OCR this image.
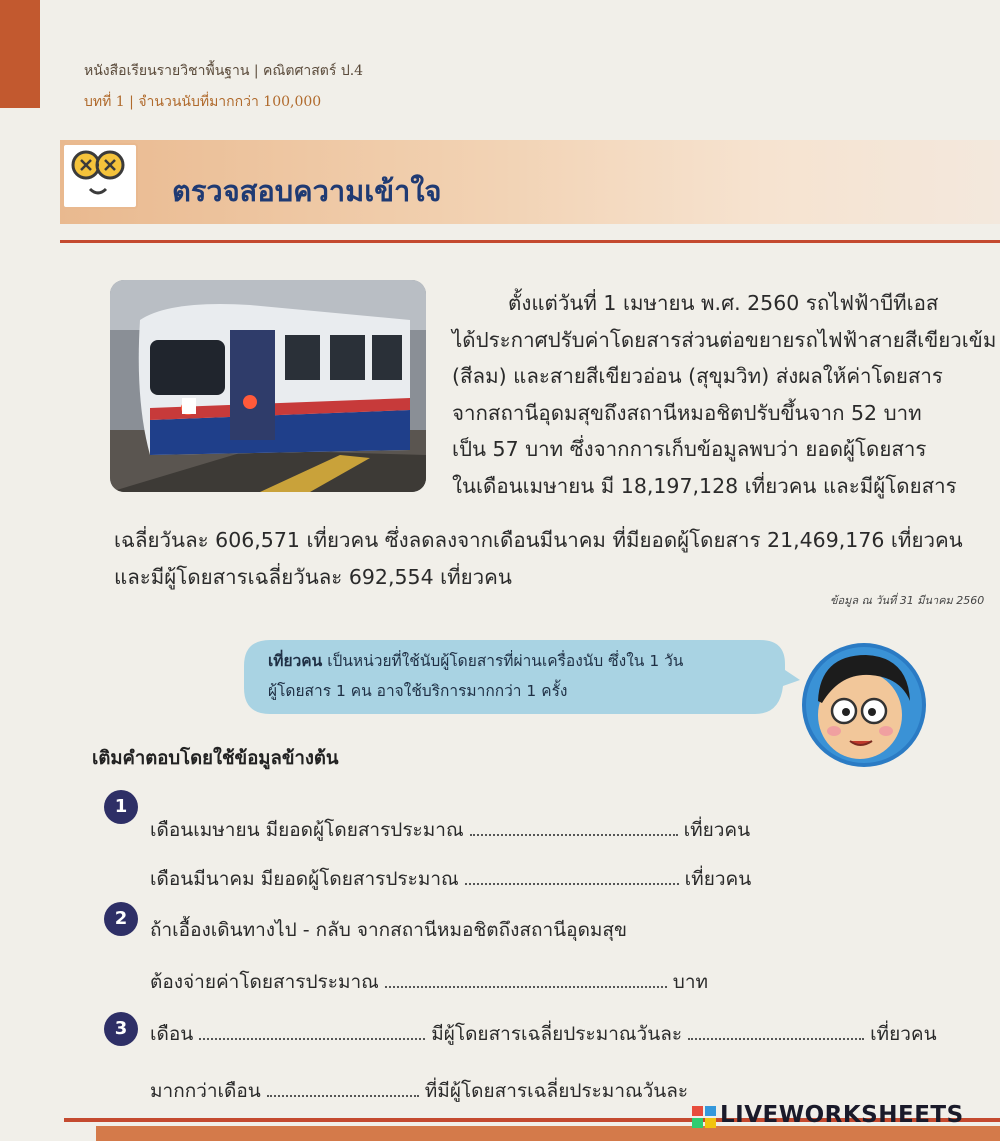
หนังสือเรียนรายวิชาพื้นฐาน | คณิตศาสตร์ ป.4
บทที่ 1 | จำนวนนับที่มากกว่า 100,000
ตรวจสอบความเข้าใจ
ตั้งแต่วันที่ 1 เมษายน พ.ศ. 2560 รถไฟฟ้าบีทีเอส
ได้ประกาศปรับค่าโดยสารส่วนต่อขยายรถไฟฟ้าสายสีเขียวเข้ม
(สีลม) และสายสีเขียวอ่อน (สุขุมวิท) ส่งผลให้ค่าโดยสาร
จากสถานีอุดมสุขถึงสถานีหมอชิตปรับขึ้นจาก 52 บาท
เป็น 57 บาท ซึ่งจากการเก็บข้อมูลพบว่า ยอดผู้โดยสาร
ในเดือนเมษายน มี 18,197,128 เที่ยวคน และมีผู้โดยสาร
เฉลี่ยวันละ 606,571 เที่ยวคน ซึ่งลดลงจากเดือนมีนาคม ที่มียอดผู้โดยสาร 21,469,176 เที่ยวคน
และมีผู้โดยสารเฉลี่ยวันละ 692,554 เที่ยวคน
ข้อมูล ณ วันที่ 31 มีนาคม 2560
เที่ยวคน เป็นหน่วยที่ใช้นับผู้โดยสารที่ผ่านเครื่องนับ ซึ่งใน 1 วัน
ผู้โดยสาร 1 คน อาจใช้บริการมากกว่า 1 ครั้ง
เติมคำตอบโดยใช้ข้อมูลข้างต้น
1
เดือนเมษายน มียอดผู้โดยสารประมาณ	เที่ยวคน
เดือนมีนาคม มียอดผู้โดยสารประมาณ	เที่ยวคน
2
ถ้าเอื้องเดินทางไป - กลับ จากสถานีหมอชิตถึงสถานีอุดมสุข
ต้องจ่ายค่าโดยสารประมาณ	บาท
3	เดือน	มีผู้โดยสารเฉลี่ยประมาณวันละ	เที่ยวคน
มากกว่าเดือน	ที่มีผู้โดยสารเฉลี่ยประมาณวันละ
LIVEWORKSHEETS
